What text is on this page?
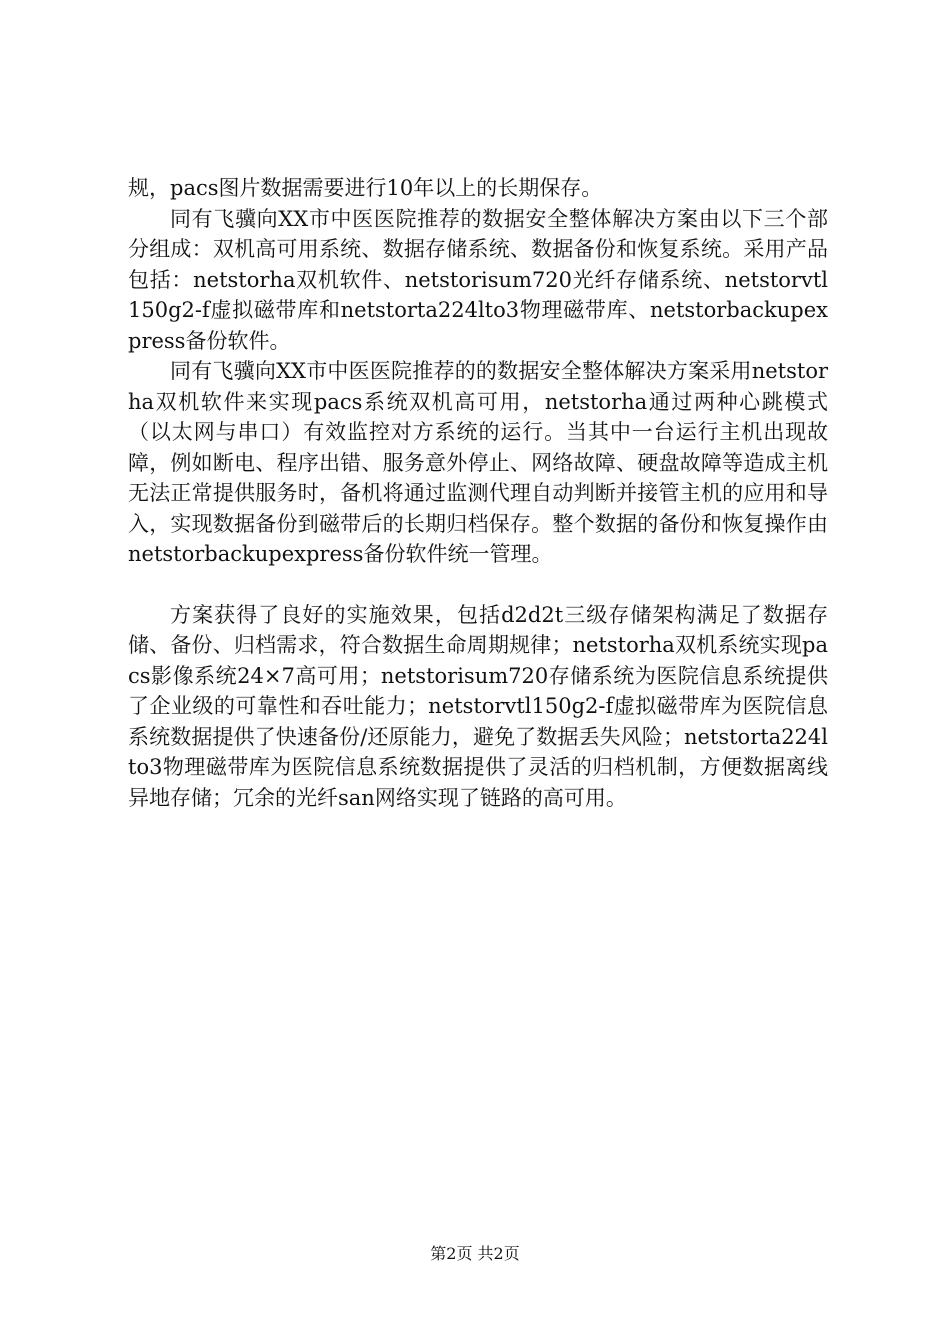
规，pacs图片数据需要进行10年以上的长期保存。

同有飞骥向XX市中医医院推荐的数据安全整体解决方案由以下三个部分组成：双机高可用系统、数据存储系统、数据备份和恢复系统。采用产品包括：netstorha双机软件、netstorisum720光纤存储系统、netstorvtl150g2-f虚拟磁带库和netstorta224lto3物理磁带库、netstorbackupexpress备份软件。

同有飞骥向XX市中医医院推荐的的数据安全整体解决方案采用netstorha双机软件来实现pacs系统双机高可用，netstorha通过两种心跳模式（以太网与串口）有效监控对方系统的运行。当其中一台运行主机出现故障，例如断电、程序出错、服务意外停止、网络故障、硬盘故障等造成主机无法正常提供服务时，备机将通过监测代理自动判断并接管主机的应用和导入，实现数据备份到磁带后的长期归档保存。整个数据的备份和恢复操作由netstorbackupexpress备份软件统一管理。

方案获得了良好的实施效果，包括d2d2t三级存储架构满足了数据存储、备份、归档需求，符合数据生命周期规律；netstorha双机系统实现pacs影像系统24×7高可用；netstorisum720存储系统为医院信息系统提供了企业级的可靠性和吞吐能力；netstorvtl150g2-f虚拟磁带库为医院信息系统数据提供了快速备份/还原能力，避免了数据丢失风险；netstorta224lto3物理磁带库为医院信息系统数据提供了灵活的归档机制，方便数据离线异地存储；冗余的光纤san网络实现了链路的高可用。

第2页 共2页
